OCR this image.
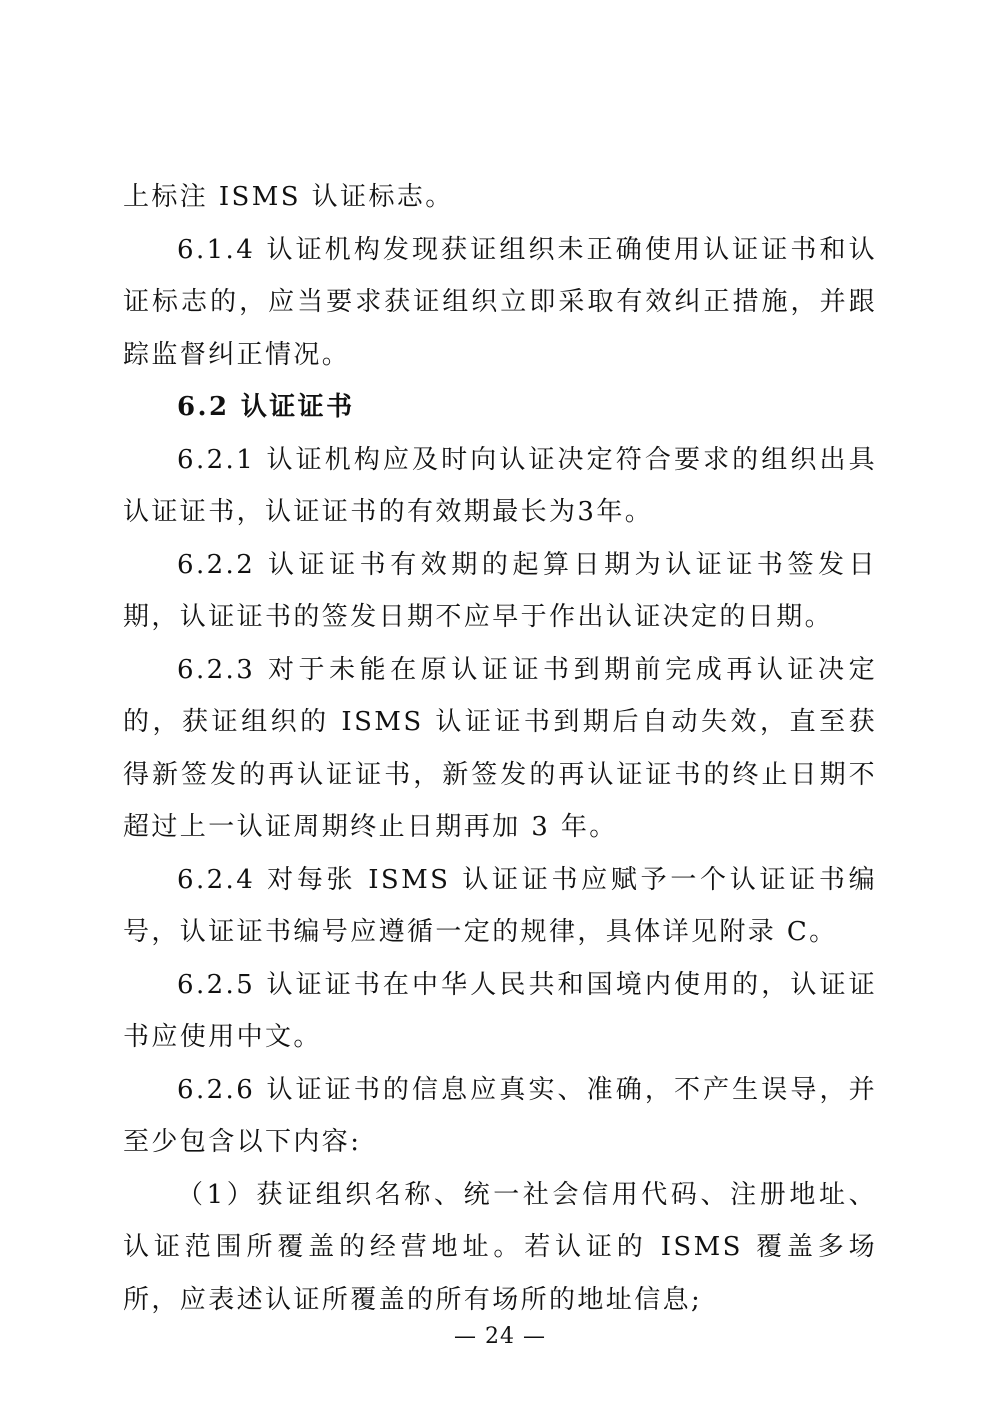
上标注 ISMS 认证标志。

6.1.4 认证机构发现获证组织未正确使用认证证书和认证标志的，应当要求获证组织立即采取有效纠正措施，并跟踪监督纠正情况。

6.2 认证证书

6.2.1 认证机构应及时向认证决定符合要求的组织出具认证证书，认证证书的有效期最长为3年。

6.2.2 认证证书有效期的起算日期为认证证书签发日期，认证证书的签发日期不应早于作出认证决定的日期。

6.2.3 对于未能在原认证证书到期前完成再认证决定的，获证组织的 ISMS 认证证书到期后自动失效，直至获得新签发的再认证证书，新签发的再认证证书的终止日期不超过上一认证周期终止日期再加 3 年。

6.2.4 对每张 ISMS 认证证书应赋予一个认证证书编号，认证证书编号应遵循一定的规律，具体详见附录 C。

6.2.5 认证证书在中华人民共和国境内使用的，认证证书应使用中文。

6.2.6 认证证书的信息应真实、准确，不产生误导，并至少包含以下内容:

（1）获证组织名称、统一社会信用代码、注册地址、认证范围所覆盖的经营地址。若认证的 ISMS 覆盖多场所，应表述认证所覆盖的所有场所的地址信息;

— 24 —
